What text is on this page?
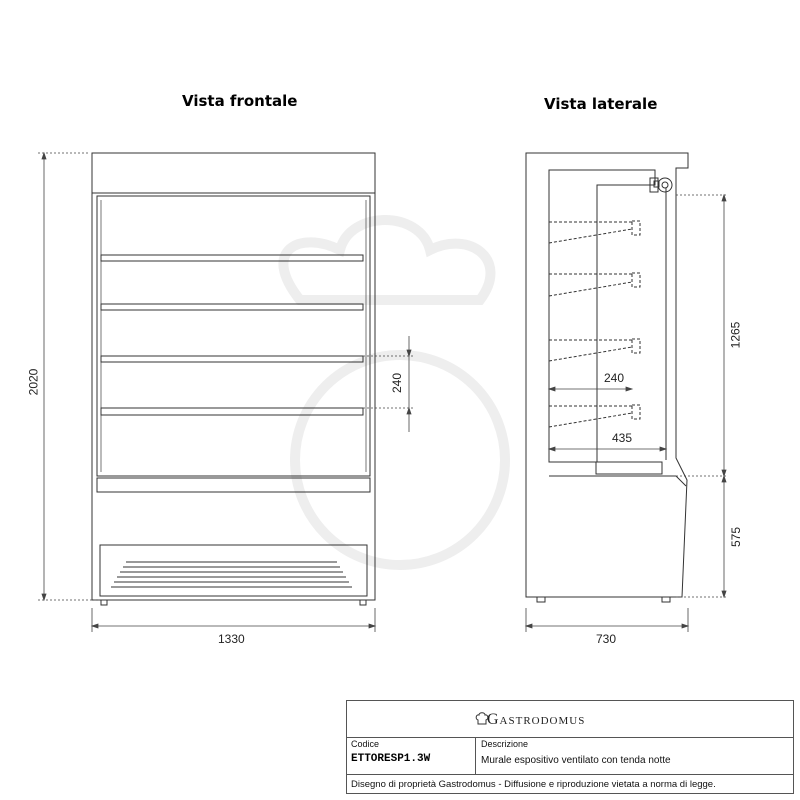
Vista frontale	Vista laterale
2020
1330
240
730
1265
575
240
435
Gastrodomus
Codice
ETTORESP1.3W
Descrizione
Murale espositivo ventilato con tenda notte
Disegno di proprietà Gastrodomus - Diffusione e riproduzione vietata a norma di legge.
